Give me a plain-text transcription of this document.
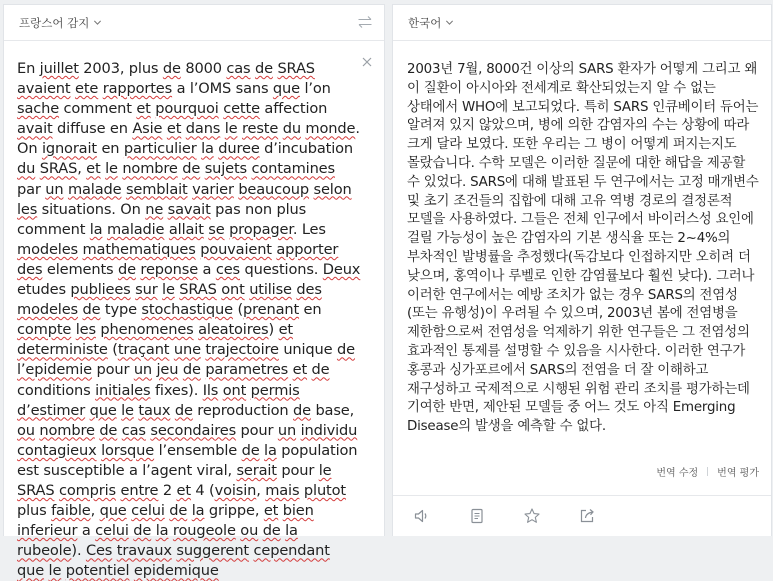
프랑스어 감지
En juillet 2003, plus de 8000 cas de SRAS avaient ete rapportes a l’OMS sans que l’on sache comment et pourquoi cette affection avait diffuse en Asie et dans le reste du monde. On ignorait en particulier la duree d’incubation du SRAS, et le nombre de sujets contamines par un malade semblait varier beaucoup selon les situations. On ne savait pas non plus comment la maladie allait se propager. Les modeles mathematiques pouvaient apporter des elements de reponse a ces questions. Deux etudes publiees sur le SRAS ont utilise des modeles de type stochastique (prenant en compte les phenomenes aleatoires) et deterministe (traçant une trajectoire unique de l’epidemie pour un jeu de parametres et de conditions initiales fixes). Ils ont permis d’estimer que le taux de reproduction de base, ou nombre de cas secondaires pour un individu contagieux lorsque l’ensemble de la population est susceptible a l’agent viral, serait pour le SRAS compris entre 2 et 4 (voisin, mais plutot plus faible, que celui de la grippe, et bien inferieur a celui de la rougeole ou de la rubeole). Ces travaux suggerent cependant que le potentiel epidemique
한국어
2003년 7월, 8000건 이상의 SARS 환자가 어떻게 그리고 왜 이 질환이 아시아와 전세계로 확산되었는지 알 수 없는 상태에서 WHO에 보고되었다. 특히 SARS 인큐베이터 듀어는 알려져 있지 않았으며, 병에 의한 감염자의 수는 상황에 따라 크게 달라 보였다. 또한 우리는 그 병이 어떻게 퍼지는지도 몰랐습니다. 수학 모델은 이러한 질문에 대한 해답을 제공할 수 있었다. SARS에 대해 발표된 두 연구에서는 고정 매개변수 및 초기 조건들의 집합에 대해 고유 역병 경로의 결정론적 모델을 사용하였다. 그들은 전체 인구에서 바이러스성 요인에 걸릴 가능성이 높은 감염자의 기본 생식율 또는 2~4%의 부차적인 발병률을 추정했다(독감보다 인접하지만 오히려 더 낮으며, 홍역이나 루벨로 인한 감염률보다 훨씬 낮다). 그러나 이러한 연구에서는 예방 조치가 없는 경우 SARS의 전염성(또는 유행성)이 우려될 수 있으며, 2003년 봄에 전염병을 제한함으로써 전염성을 억제하기 위한 연구들은 그 전염성의 효과적인 통제를 설명할 수 있음을 시사한다. 이러한 연구가 홍콩과 싱가포르에서 SARS의 전염을 더 잘 이해하고 재구성하고 국제적으로 시행된 위험 관리 조치를 평가하는데 기여한 반면, 제안된 모델들 중 어느 것도 아직 Emerging Disease의 발생을 예측할 수 없다.
번역 수정 번역 평가
